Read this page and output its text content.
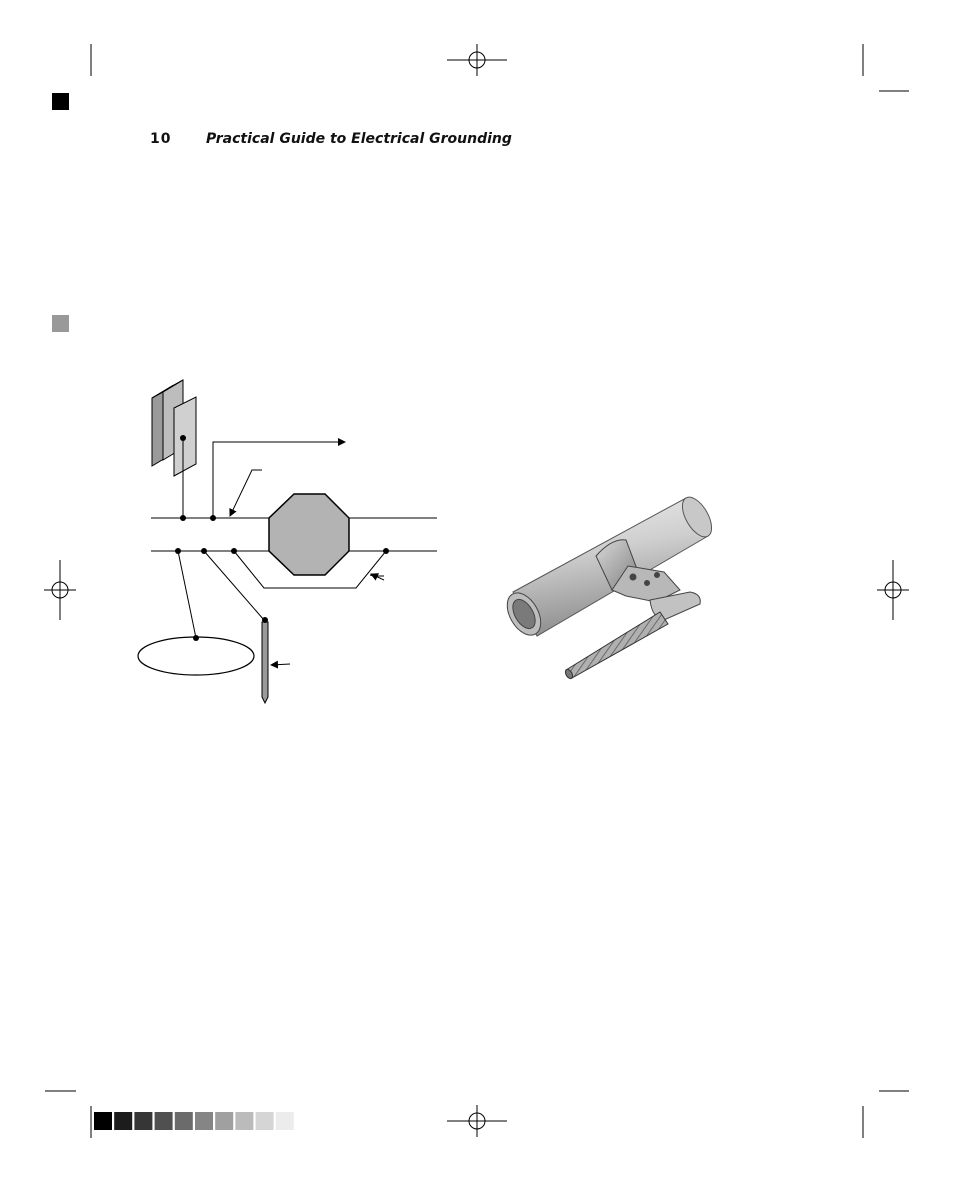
10 Practical Guide to Electrical Grounding
